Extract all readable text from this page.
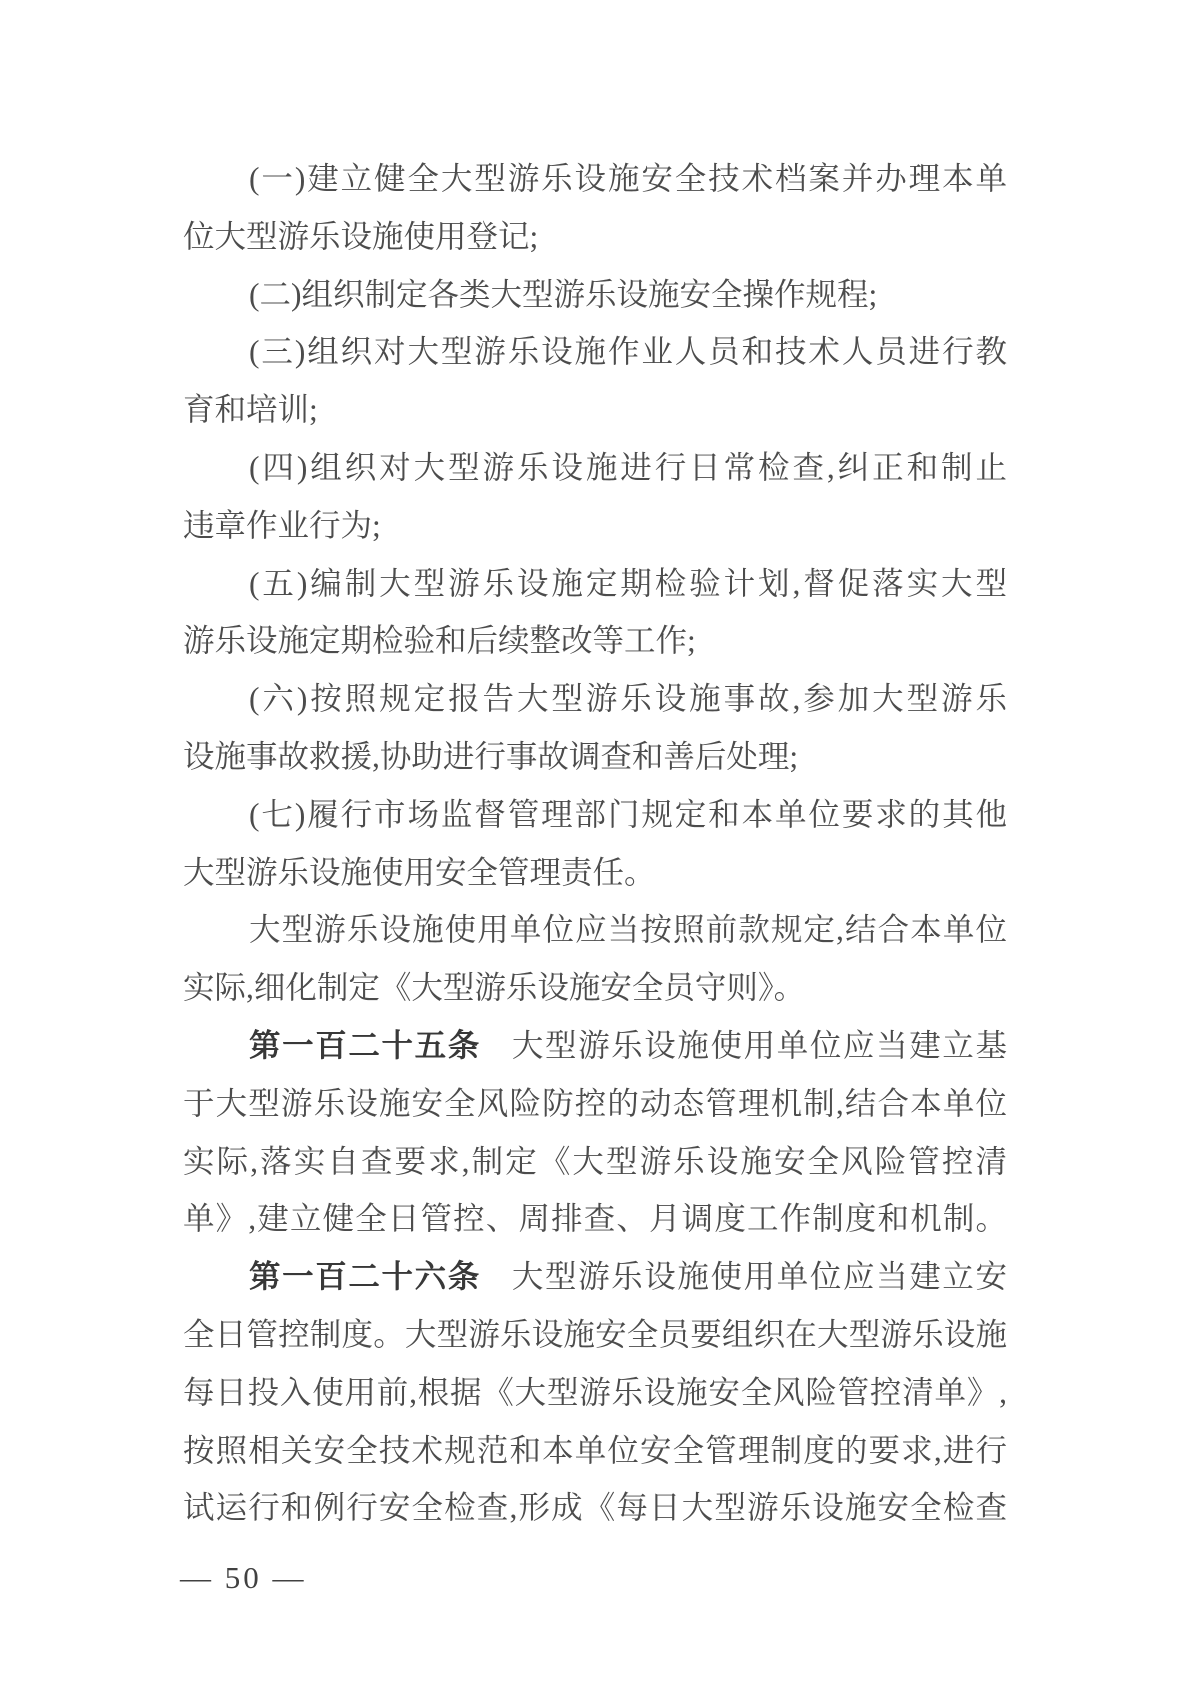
(一)建立健全大型游乐设施安全技术档案并办理本单

位大型游乐设施使用登记;

(二)组织制定各类大型游乐设施安全操作规程;

(三)组织对大型游乐设施作业人员和技术人员进行教

育和培训;

(四)组织对大型游乐设施进行日常检查,纠正和制止

违章作业行为;

(五)编制大型游乐设施定期检验计划,督促落实大型

游乐设施定期检验和后续整改等工作;

(六)按照规定报告大型游乐设施事故,参加大型游乐

设施事故救援,协助进行事故调查和善后处理;

(七)履行市场监督管理部门规定和本单位要求的其他

大型游乐设施使用安全管理责任。

大型游乐设施使用单位应当按照前款规定,结合本单位

实际,细化制定《大型游乐设施安全员守则》。

第一百二十五条 大型游乐设施使用单位应当建立基

于大型游乐设施安全风险防控的动态管理机制,结合本单位

实际,落实自查要求,制定《大型游乐设施安全风险管控清

单》,建立健全日管控、周排查、月调度工作制度和机制。

第一百二十六条 大型游乐设施使用单位应当建立安

全日管控制度。大型游乐设施安全员要组织在大型游乐设施

每日投入使用前,根据《大型游乐设施安全风险管控清单》,

按照相关安全技术规范和本单位安全管理制度的要求,进行

试运行和例行安全检查,形成《每日大型游乐设施安全检查

— 50 —
